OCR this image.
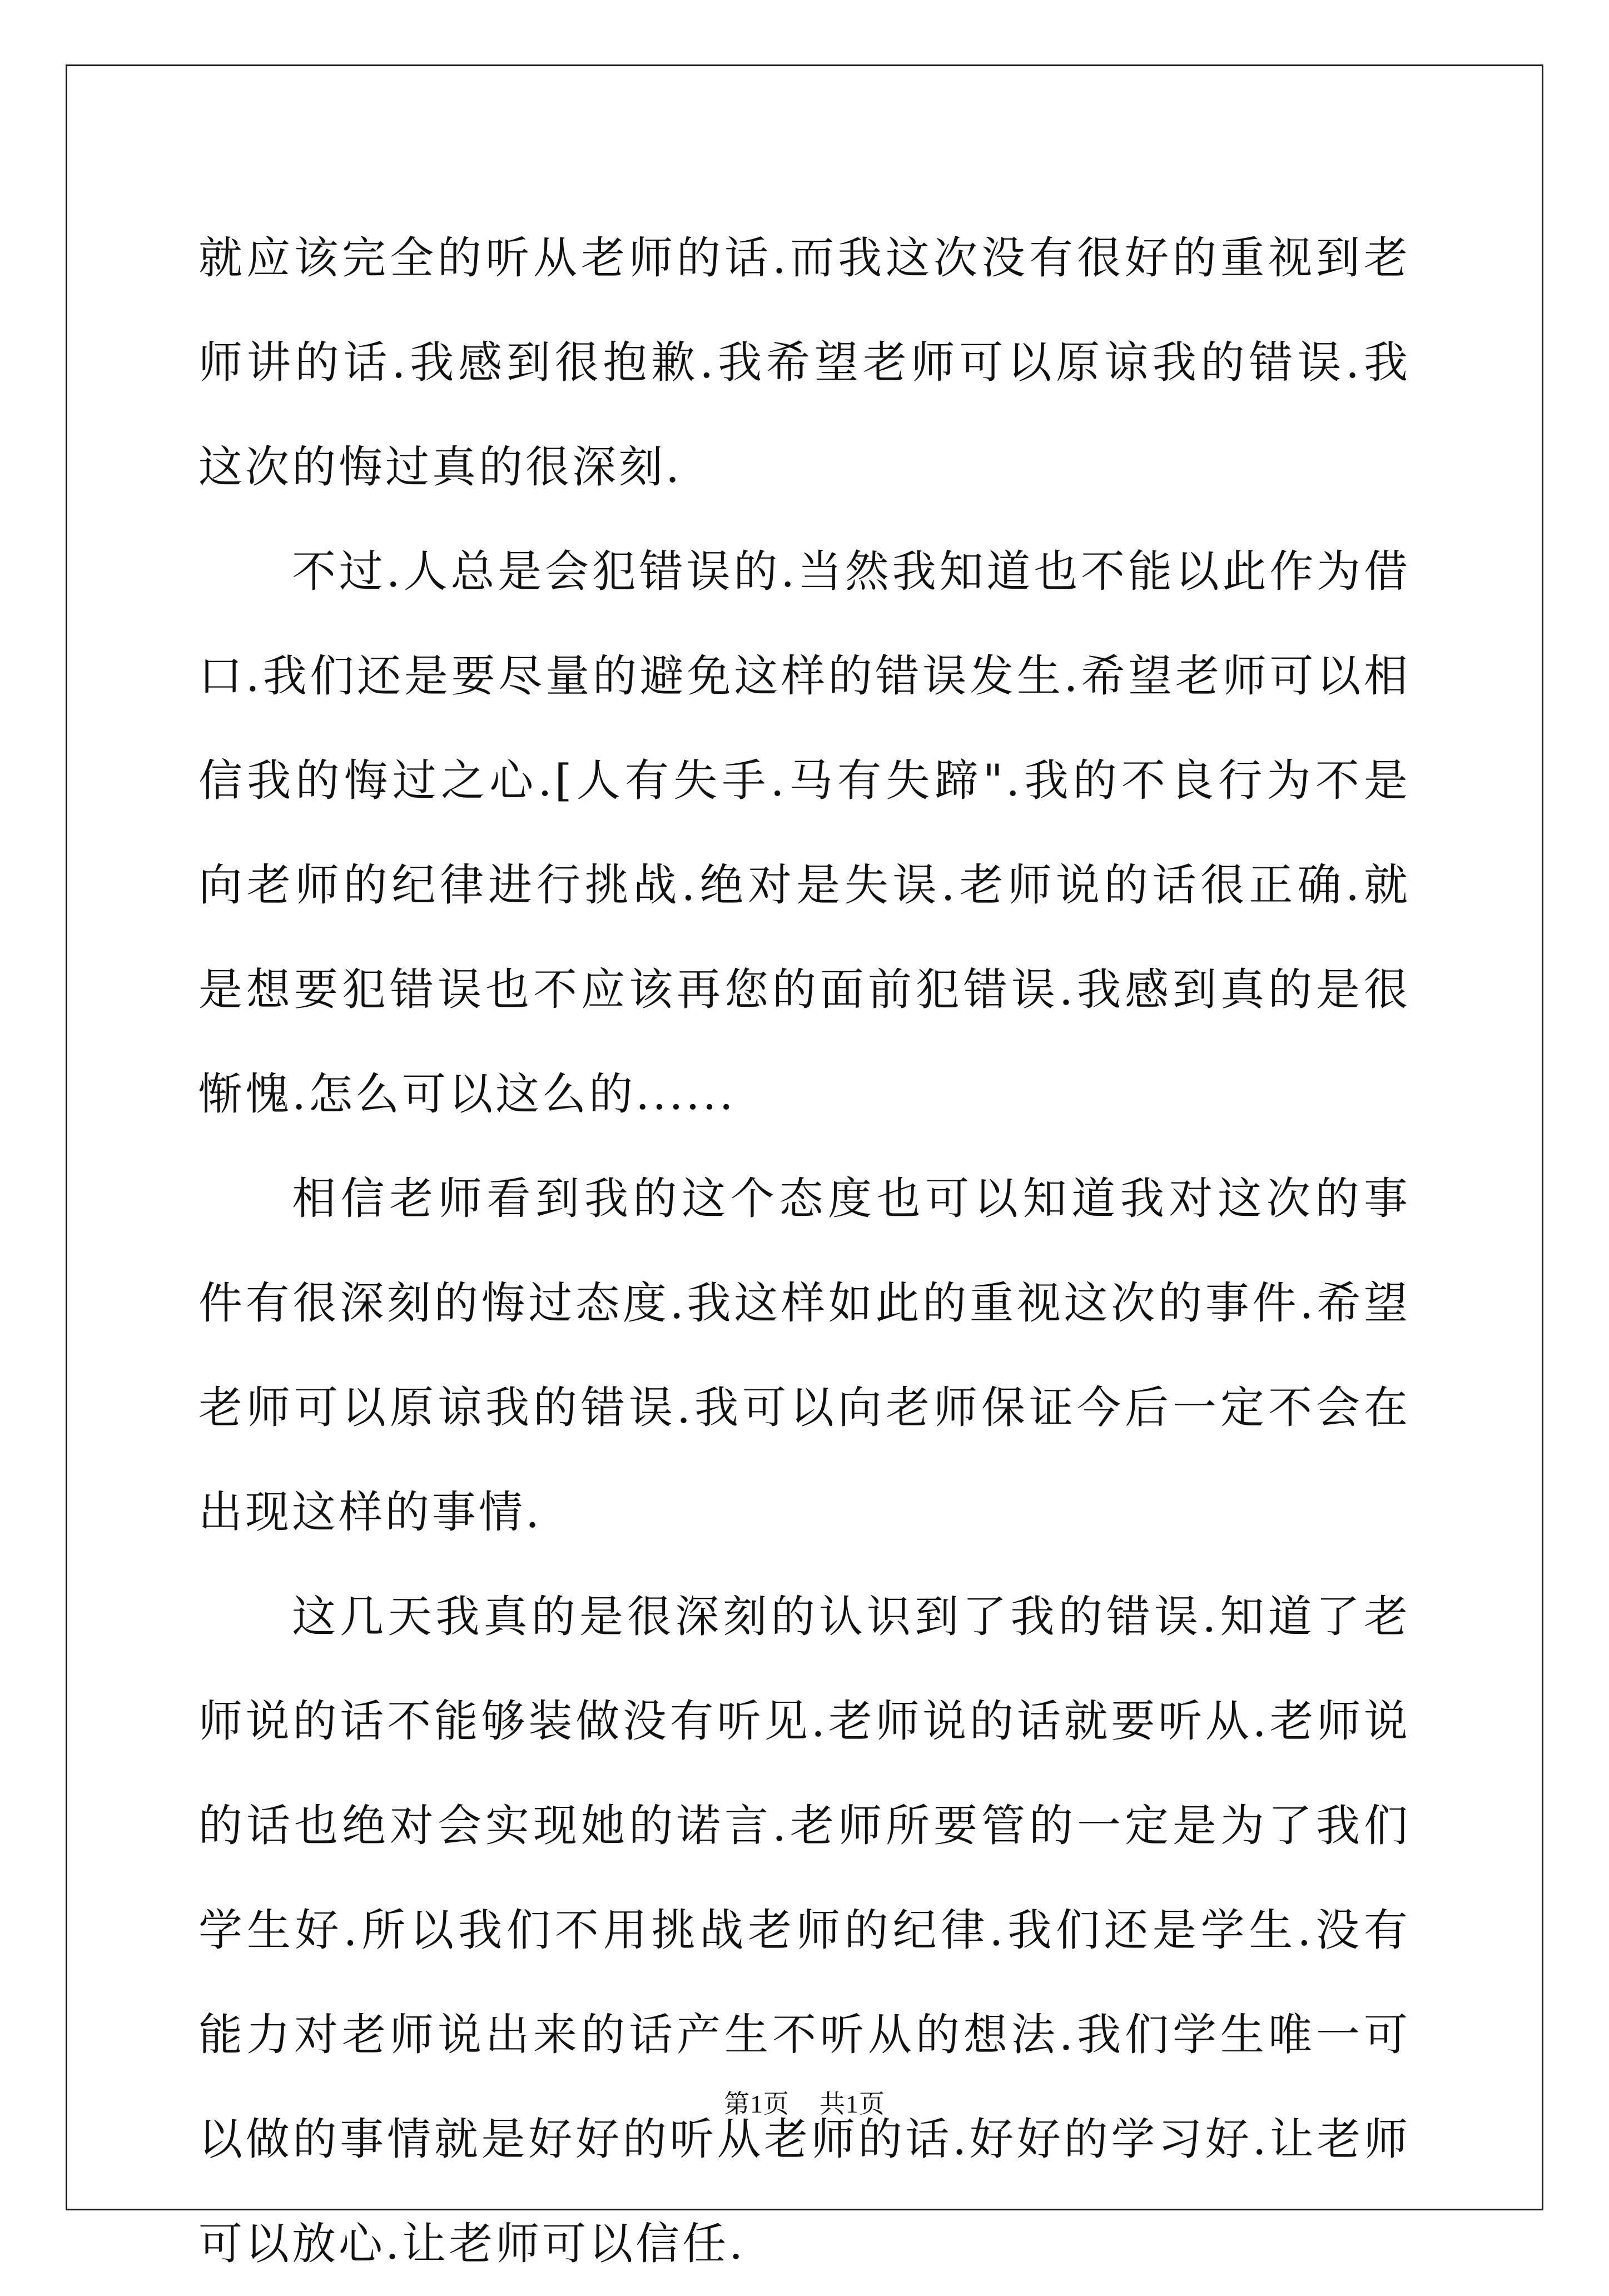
就应该完全的听从老师的话.而我这次没有很好的重视到老师讲的话.我感到很抱歉.我希望老师可以原谅我的错误.我这次的悔过真的很深刻.

不过.人总是会犯错误的.当然我知道也不能以此作为借口.我们还是要尽量的避免这样的错误发生.希望老师可以相信我的悔过之心.[人有失手.马有失蹄".我的不良行为不是向老师的纪律进行挑战.绝对是失误.老师说的话很正确.就是想要犯错误也不应该再您的面前犯错误.我感到真的是很惭愧.怎么可以这么的......

相信老师看到我的这个态度也可以知道我对这次的事件有很深刻的悔过态度.我这样如此的重视这次的事件.希望老师可以原谅我的错误.我可以向老师保证今后一定不会在出现这样的事情.

这几天我真的是很深刻的认识到了我的错误.知道了老师说的话不能够装做没有听见.老师说的话就要听从.老师说的话也绝对会实现她的诺言.老师所要管的一定是为了我们学生好.所以我们不用挑战老师的纪律.我们还是学生.没有能力对老师说出来的话产生不听从的想法.我们学生唯一可以做的事情就是好好的听从老师的话.好好的学习好.让老师可以放心.让老师可以信任.

第1页 共1页
